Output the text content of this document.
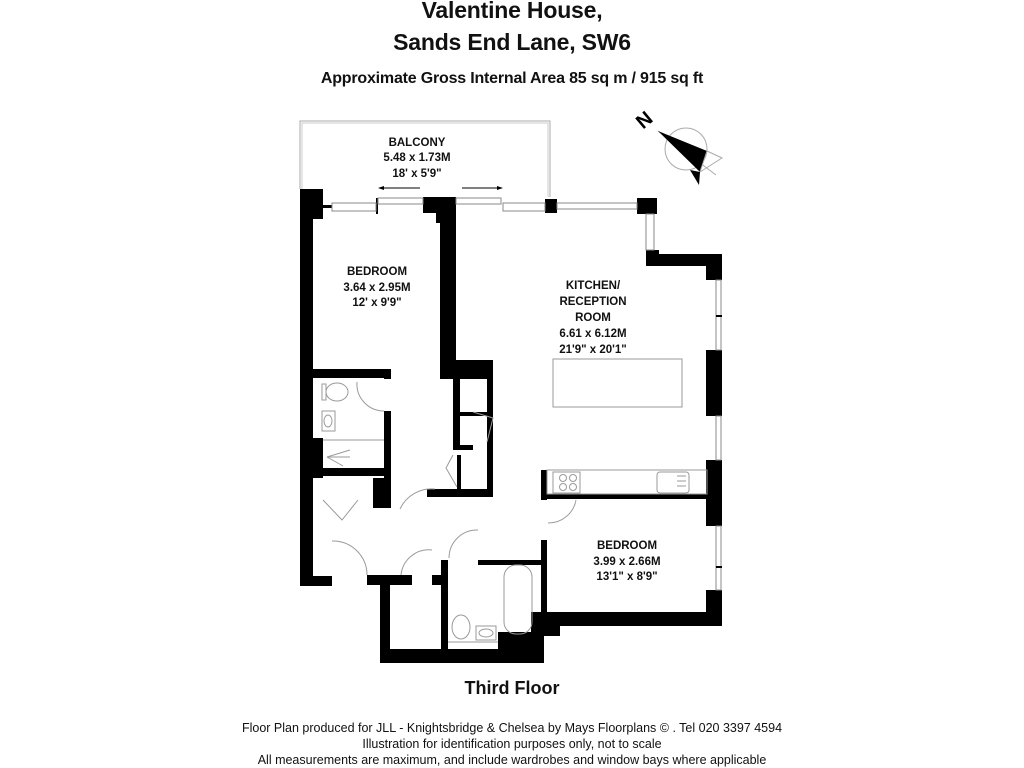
Valentine House,
Sands End Lane, SW6
Approximate Gross Internal Area 85 sq m / 915 sq ft
N
BALCONY
5.48 x 1.73M
18' x 5'9"
BEDROOM
3.64 x 2.95M
12' x 9'9"
KITCHEN/
RECEPTION
ROOM
6.61 x 6.12M
21'9" x 20'1"
BEDROOM
3.99 x 2.66M
13'1" x 8'9"
Third Floor
Floor Plan produced for JLL - Knightsbridge & Chelsea by Mays Floorplans © . Tel 020 3397 4594
Illustration for identification purposes only, not to scale
All measurements are maximum, and include wardrobes and window bays where applicable
